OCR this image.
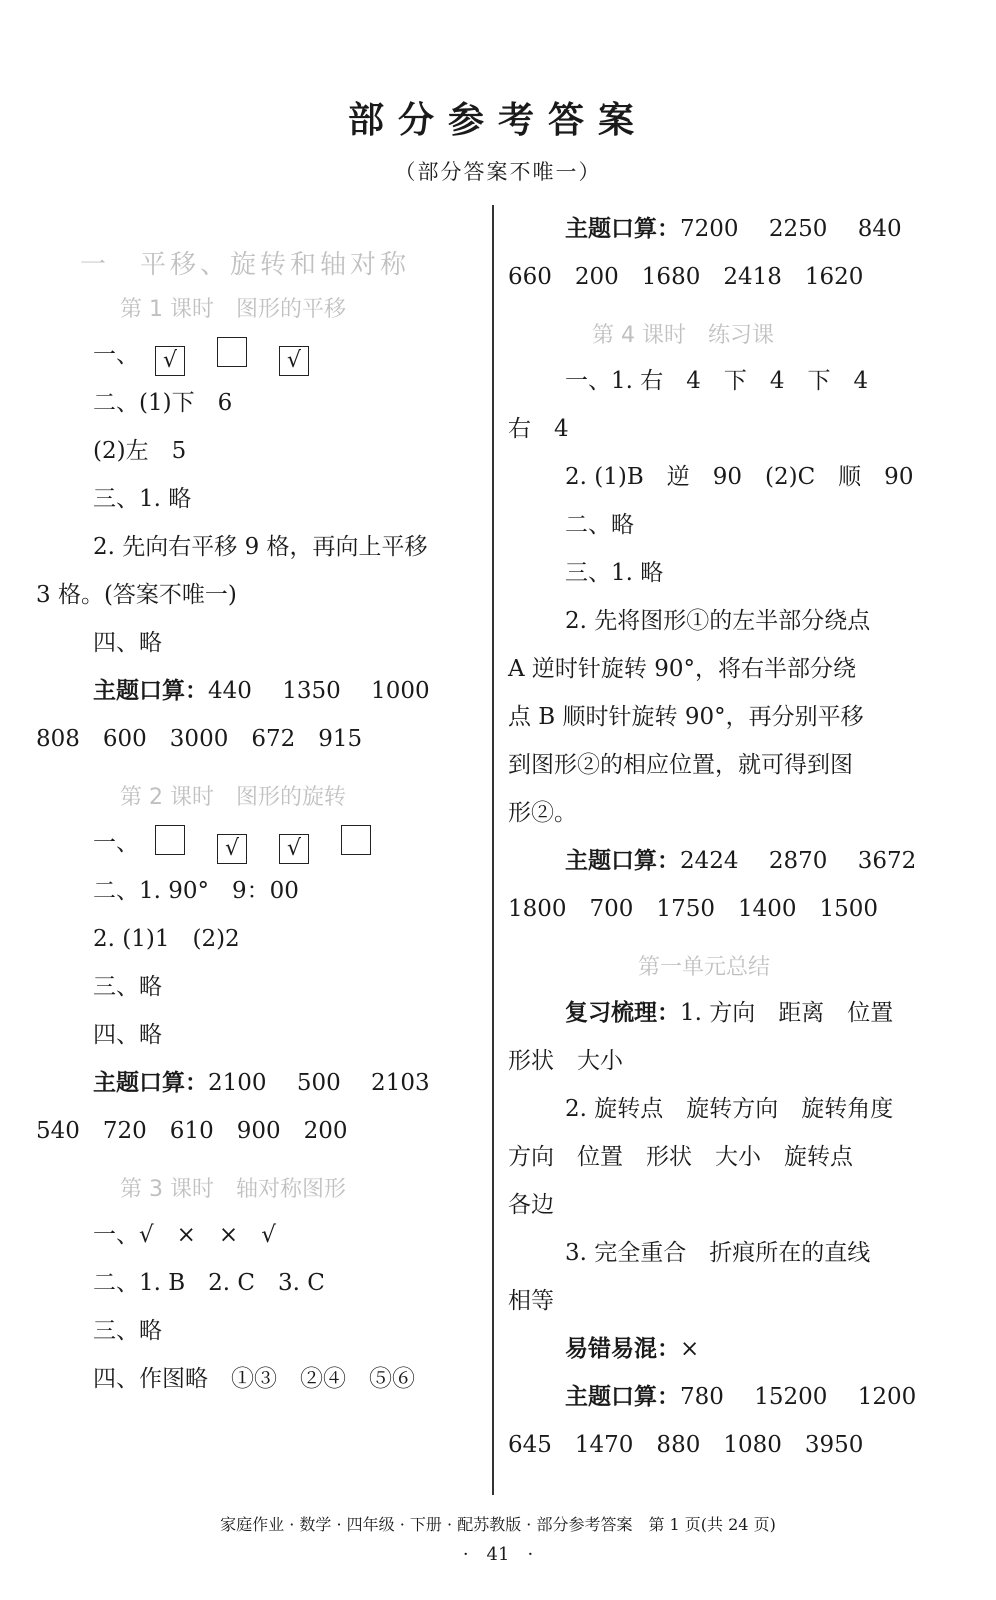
部分参考答案
（部分答案不唯一）
一　平移、旋转和轴对称
第 1 课时　图形的平移
一、 √	√
二、(1)下　6
(2)左　5
三、1. 略
2. 先向右平移 9 格，再向上平移
3 格。(答案不唯一)
四、略
主题口算：440　 1350　 1000
808　600　3000　672　915
第 2 课时　图形的旋转
一、	√ √
二、1. 90°　9：00
2. (1)1　(2)2
三、略
四、略
主题口算：2100　 500　 2103
540　720　610　900　200
第 3 课时　轴对称图形
一、√　×　×　√
二、1. B　2. C　3. C
三、略
四、作图略　①③　②④　⑤⑥
主题口算：7200　 2250　 840
660　200　1680　2418　1620
第 4 课时　练习课
一、1. 右　4　下　4　下　4
右　4
2. (1)B　逆　90　(2)C　顺　90
二、略
三、1. 略
2. 先将图形①的左半部分绕点
A 逆时针旋转 90°，将右半部分绕
点 B 顺时针旋转 90°，再分别平移
到图形②的相应位置，就可得到图
形②。
主题口算：2424　 2870　 3672
1800　700　1750　1400　1500
第一单元总结
复习梳理：1. 方向　距离　位置
形状　大小
2. 旋转点　旋转方向　旋转角度
方向　位置　形状　大小　旋转点
各边
3. 完全重合　折痕所在的直线
相等
易错易混：×
主题口算：780　 15200　 1200
645　1470　880　1080　3950
家庭作业 · 数学 · 四年级 · 下册 · 配苏教版 · 部分参考答案　第 1 页(共 24 页)
·　41　·
